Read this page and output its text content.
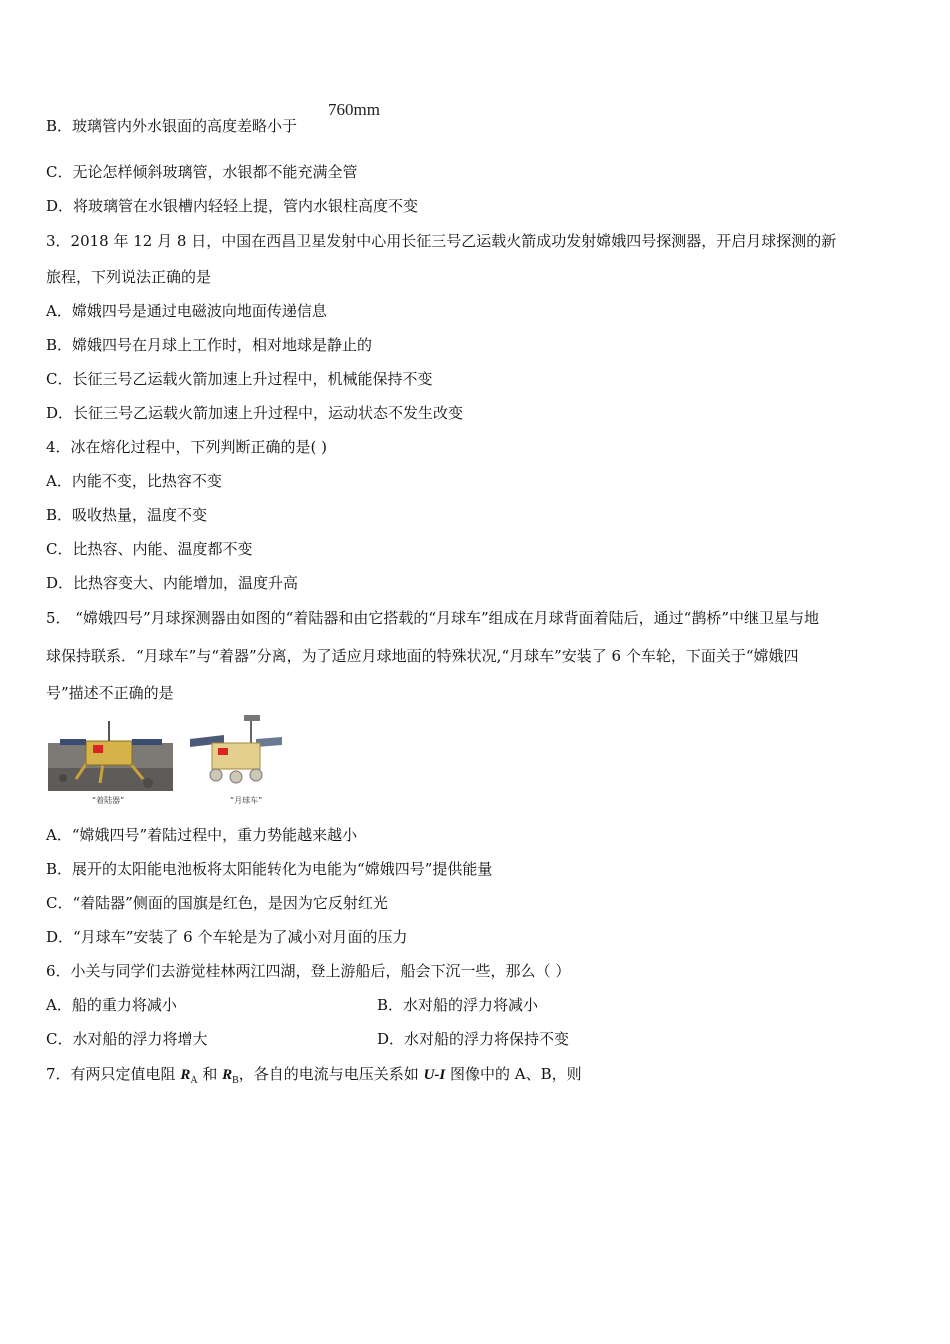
B．玻璃管内外水银面的高度差略小于
760mm
C．无论怎样倾斜玻璃管，水银都不能充满全管
D．将玻璃管在水银槽内轻轻上提，管内水银柱高度不变
3．2018 年 12 月 8 日，中国在西昌卫星发射中心用长征三号乙运载火箭成功发射嫦娥四号探测器，开启月球探测的新
旅程，下列说法正确的是
A．嫦娥四号是通过电磁波向地面传递信息
B．嫦娥四号在月球上工作时，相对地球是静止的
C．长征三号乙运载火箭加速上升过程中，机械能保持不变
D．长征三号乙运载火箭加速上升过程中，运动状态不发生改变
4．冰在熔化过程中，下列判断正确的是( )
A．内能不变，比热容不变
B．吸收热量，温度不变
C．比热容、内能、温度都不变
D．比热容变大、内能增加，温度升高
5． “嫦娥四号”月球探测器由如图的“着陆器和由它搭载的“月球车”组成在月球背面着陆后，通过“鹊桥”中继卫星与地
球保持联系．“月球车”与“着器”分离，为了适应月球地面的特殊状况,“月球车”安装了 6 个车轮，下面关于“嫦娥四
号”描述不正确的是
“着陆器”	“月球车”
A．“嫦娥四号”着陆过程中，重力势能越来越小
B．展开的太阳能电池板将太阳能转化为电能为“嫦娥四号”提供能量
C．“着陆器”侧面的国旗是红色，是因为它反射红光
D．“月球车”安装了 6 个车轮是为了减小对月面的压力
6．小关与同学们去游觉桂林两江四湖，登上游船后，船会下沉一些，那么（ ）
A．船的重力将减小	B．水对船的浮力将减小
C．水对船的浮力将增大	D．水对船的浮力将保持不变
7．有两只定值电阻 $R_A$ 和 $R_B$，各自的电流与电压关系如 U-I 图像中的 A、B，则
